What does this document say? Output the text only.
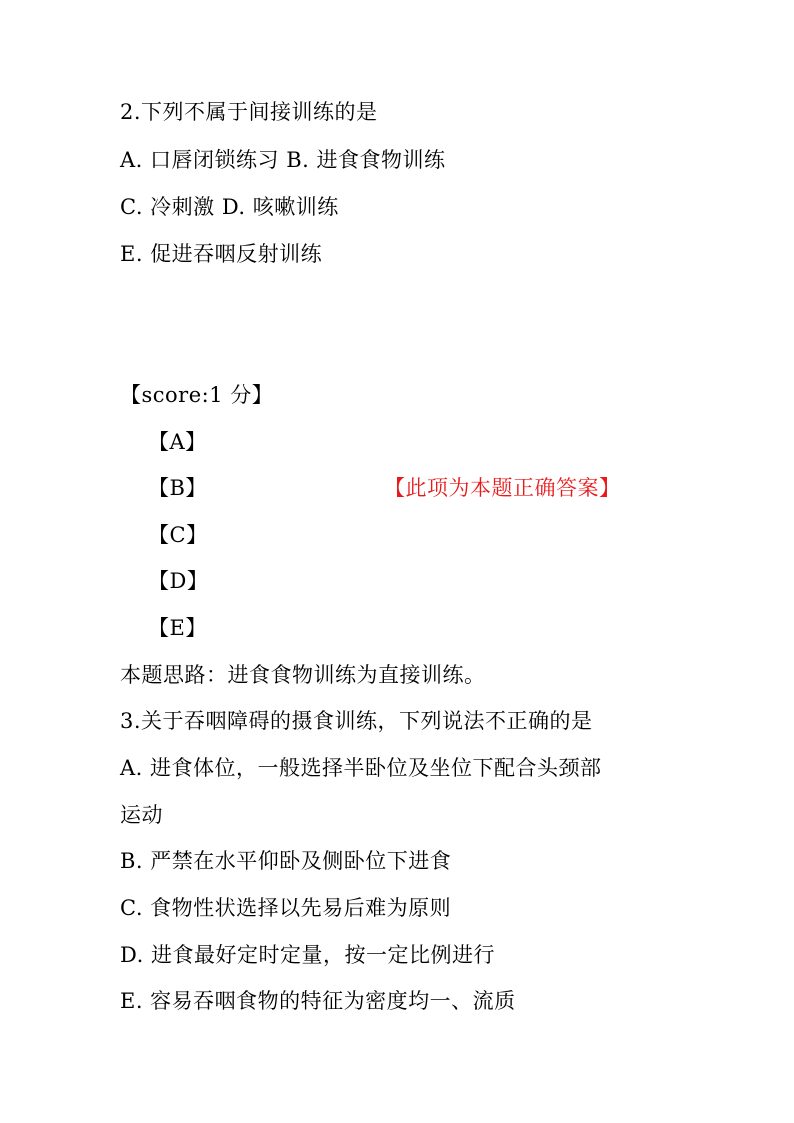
2.下列不属于间接训练的是
A. 口唇闭锁练习 B. 进食食物训练
C. 冷刺激 D. 咳嗽训练
E. 促进吞咽反射训练
【score:1 分】
【A】
【B】	【此项为本题正确答案】
【C】
【D】
【E】
本题思路：进食食物训练为直接训练。
3.关于吞咽障碍的摄食训练，下列说法不正确的是
A. 进食体位，一般选择半卧位及坐位下配合头颈部
运动
B. 严禁在水平仰卧及侧卧位下进食
C. 食物性状选择以先易后难为原则
D. 进食最好定时定量，按一定比例进行
E. 容易吞咽食物的特征为密度均一、流质
